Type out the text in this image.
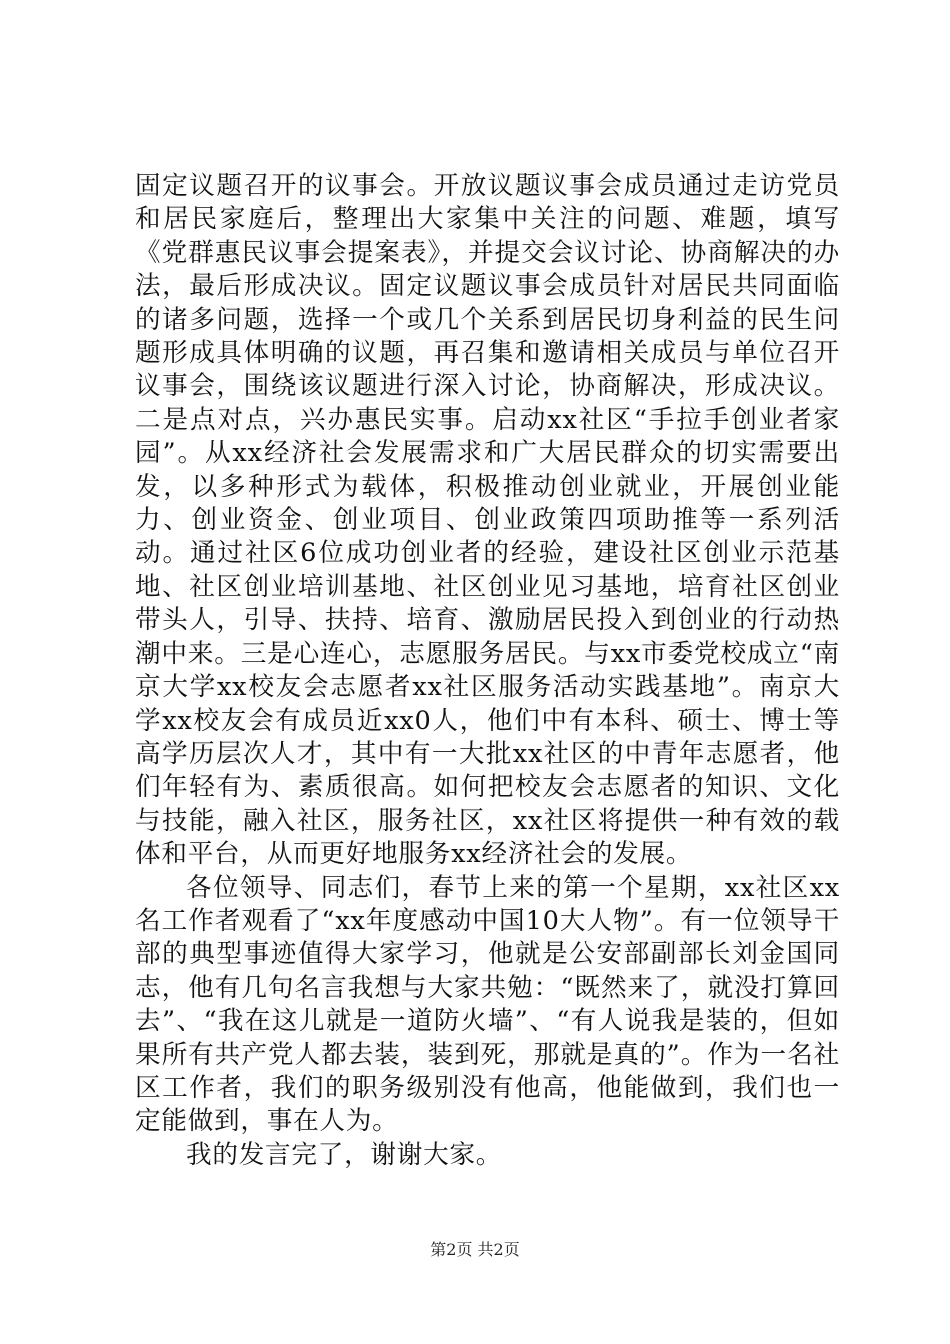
固定议题召开的议事会。开放议题议事会成员通过走访党员和居民家庭后，整理出大家集中关注的问题、难题，填写《党群惠民议事会提案表》，并提交会议讨论、协商解决的办法，最后形成决议。固定议题议事会成员针对居民共同面临的诸多问题，选择一个或几个关系到居民切身利益的民生问题形成具体明确的议题，再召集和邀请相关成员与单位召开议事会，围绕该议题进行深入讨论，协商解决，形成决议。二是点对点，兴办惠民实事。启动xx社区“手拉手创业者家园”。从xx经济社会发展需求和广大居民群众的切实需要出发，以多种形式为载体，积极推动创业就业，开展创业能力、创业资金、创业项目、创业政策四项助推等一系列活动。通过社区6位成功创业者的经验，建设社区创业示范基地、社区创业培训基地、社区创业见习基地，培育社区创业带头人，引导、扶持、培育、激励居民投入到创业的行动热潮中来。三是心连心，志愿服务居民。与xx市委党校成立“南京大学xx校友会志愿者xx社区服务活动实践基地”。南京大学xx校友会有成员近xx0人，他们中有本科、硕士、博士等高学历层次人才，其中有一大批xx社区的中青年志愿者，他们年轻有为、素质很高。如何把校友会志愿者的知识、文化与技能，融入社区，服务社区，xx社区将提供一种有效的载体和平台，从而更好地服务xx经济社会的发展。

各位领导、同志们，春节上来的第一个星期，xx社区xx名工作者观看了“xx年度感动中国10大人物”。有一位领导干部的典型事迹值得大家学习，他就是公安部副部长刘金国同志，他有几句名言我想与大家共勉：“既然来了，就没打算回去”、“我在这儿就是一道防火墙”、“有人说我是装的，但如果所有共产党人都去装，装到死，那就是真的”。作为一名社区工作者，我们的职务级别没有他高，他能做到，我们也一定能做到，事在人为。

我的发言完了，谢谢大家。

第2页 共2页
